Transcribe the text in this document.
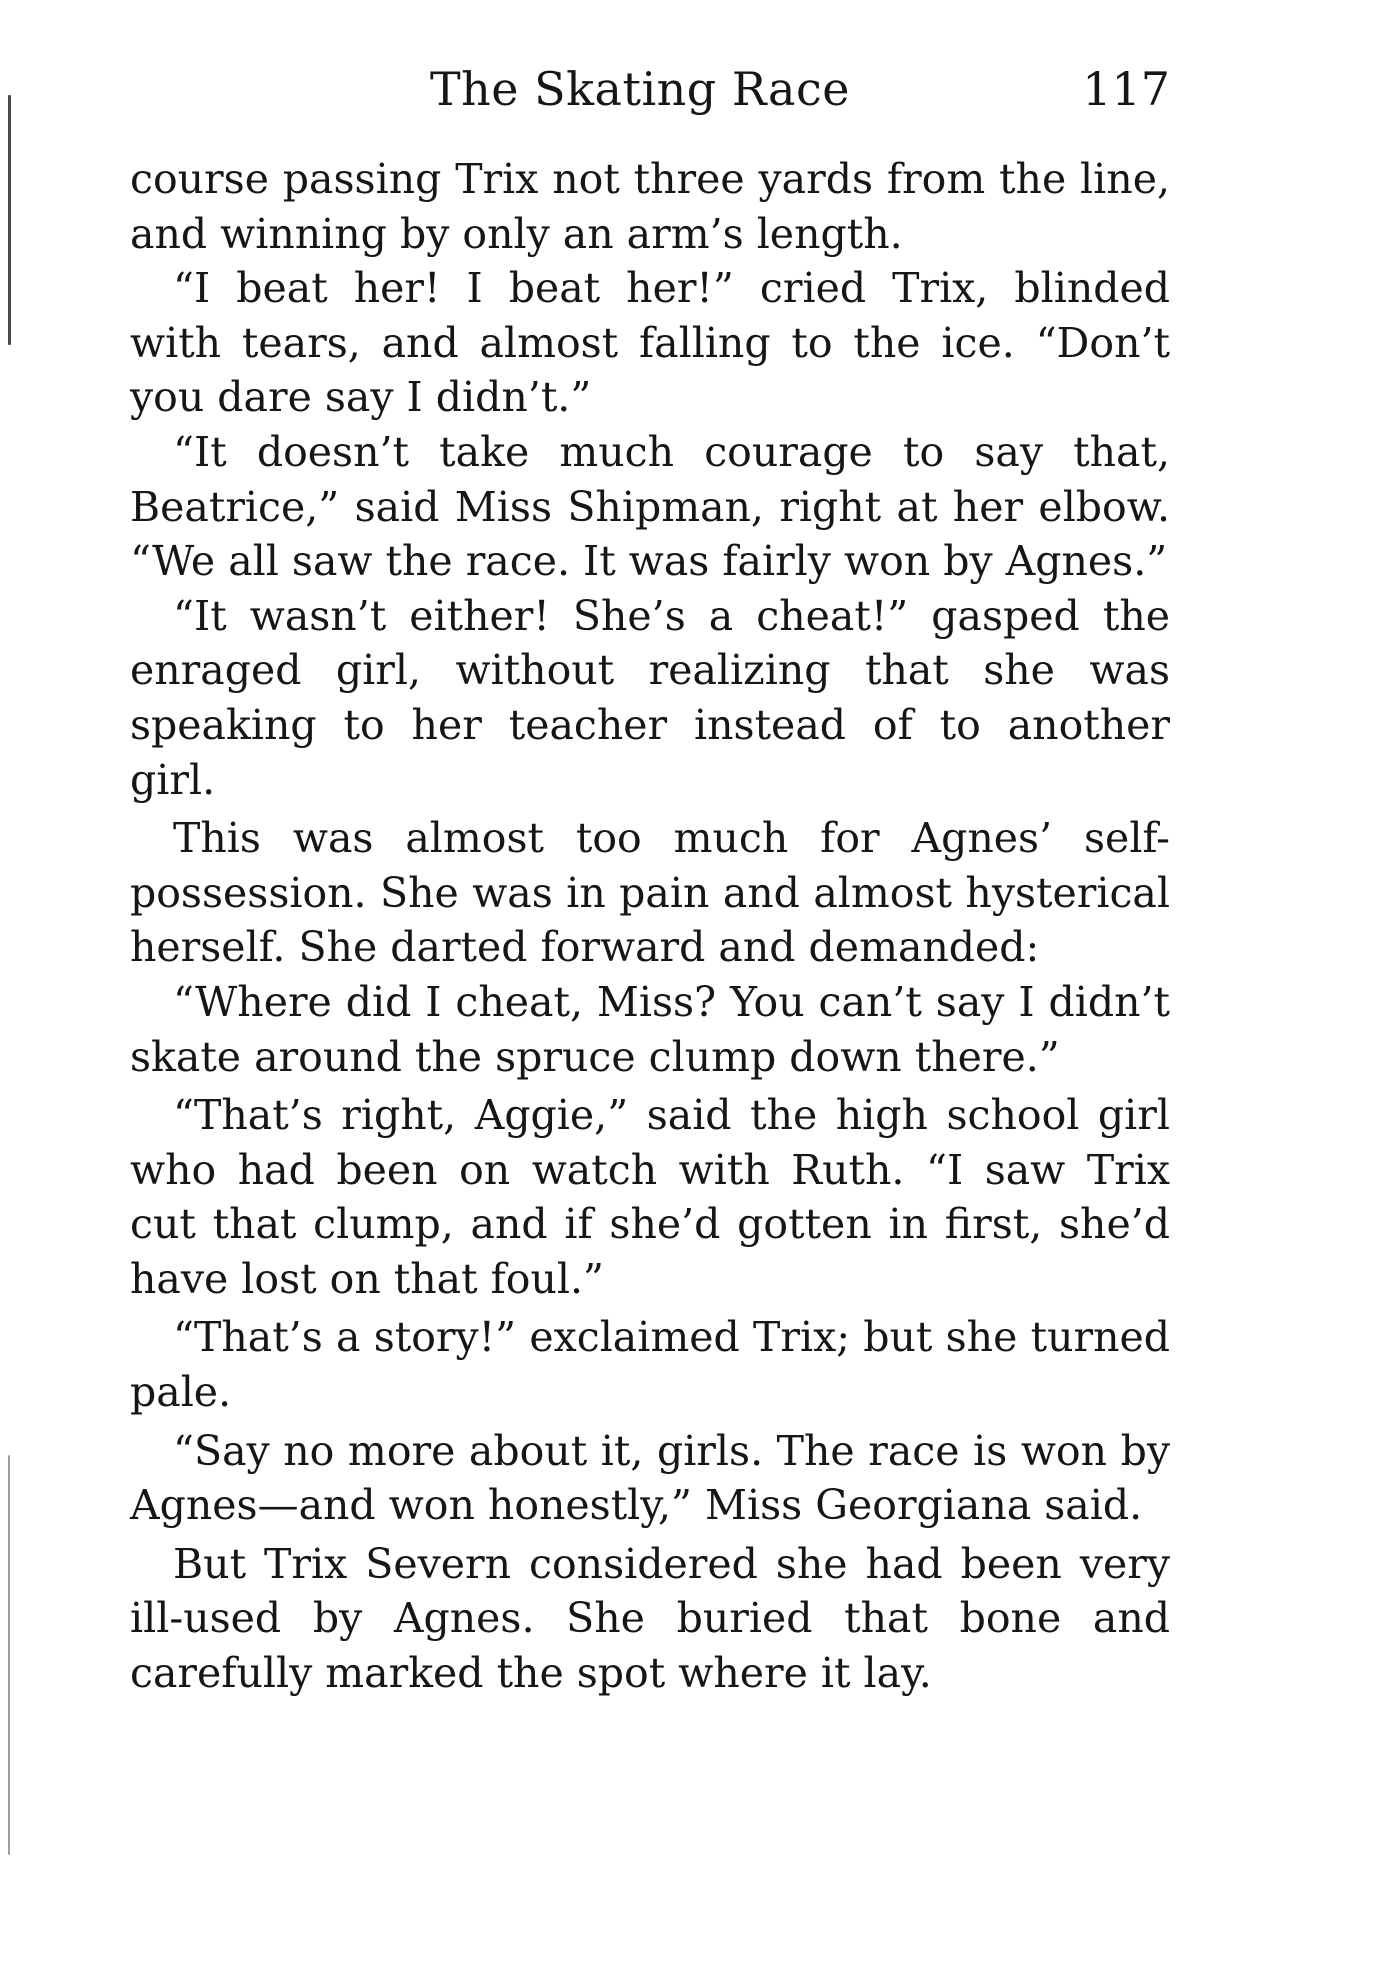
The Skating Race	117

course passing Trix not three yards from the line, and winning by only an arm’s length.

“I beat her! I beat her!” cried Trix, blinded with tears, and almost falling to the ice. “Don’t you dare say I didn’t.”

“It doesn’t take much courage to say that, Beatrice,” said Miss Shipman, right at her elbow. “We all saw the race. It was fairly won by Agnes.”

“It wasn’t either! She’s a cheat!” gasped the enraged girl, without realizing that she was speaking to her teacher instead of to another girl.

This was almost too much for Agnes’ self-possession. She was in pain and almost hysterical herself. She darted forward and demanded:

“Where did I cheat, Miss? You can’t say I didn’t skate around the spruce clump down there.”

“That’s right, Aggie,” said the high school girl who had been on watch with Ruth. “I saw Trix cut that clump, and if she’d gotten in first, she’d have lost on that foul.”

“That’s a story!” exclaimed Trix; but she turned pale.

“Say no more about it, girls. The race is won by Agnes—and won honestly,” Miss Georgiana said.

But Trix Severn considered she had been very ill-used by Agnes. She buried that bone and carefully marked the spot where it lay.
